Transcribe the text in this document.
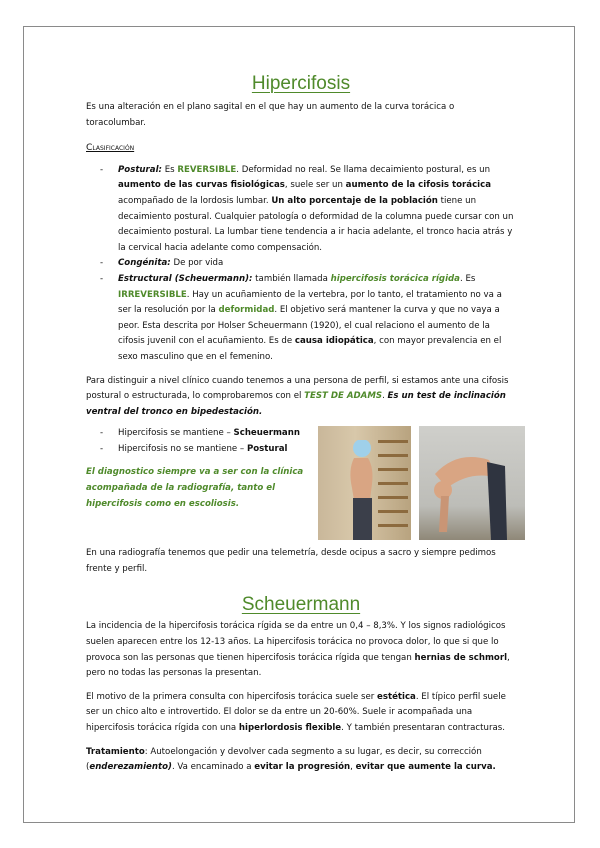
Hipercifosis

Es una alteración en el plano sagital en el que hay un aumento de la curva torácica o toracolumbar.

Clasificación

- Postural: Es REVERSIBLE. Deformidad no real. Se llama decaimiento postural, es un aumento de las curvas fisiológicas, suele ser un aumento de la cifosis torácica acompañado de la lordosis lumbar. Un alto porcentaje de la población tiene un decaimiento postural. Cualquier patología o deformidad de la columna puede cursar con un decaimiento postural. La lumbar tiene tendencia a ir hacia adelante, el tronco hacia atrás y la cervical hacia adelante como compensación.
- Congénita: De por vida
- Estructural (Scheuermann): también llamada hipercifosis torácica rígida. Es IRREVERSIBLE. Hay un acuñamiento de la vertebra, por lo tanto, el tratamiento no va a ser la resolución por la deformidad. El objetivo será mantener la curva y que no vaya a peor. Esta descrita por Holser Scheuermann (1920), el cual relaciono el aumento de la cifosis juvenil con el acuñamiento. Es de causa idiopática, con mayor prevalencia en el sexo masculino que en el femenino.

Para distinguir a nivel clínico cuando tenemos a una persona de perfil, si estamos ante una cifosis postural o estructurada, lo comprobaremos con el TEST DE ADAMS. Es un test de inclinación ventral del tronco en bipedestación.

- Hipercifosis se mantiene – Scheuermann
- Hipercifosis no se mantiene – Postural

El diagnostico siempre va a ser con la clínica acompañada de la radiografía, tanto el hipercifosis como en escoliosis.

En una radiografía tenemos que pedir una telemetría, desde ocipus a sacro y siempre pedimos frente y perfil.

Scheuermann

La incidencia de la hipercifosis torácica rígida se da entre un 0,4 – 8,3%. Y los signos radiológicos suelen aparecen entre los 12-13 años. La hipercifosis torácica no provoca dolor, lo que si que lo provoca son las personas que tienen hipercifosis torácica rígida que tengan hernias de schmorl, pero no todas las personas la presentan.

El motivo de la primera consulta con hipercifosis torácica suele ser estética. El típico perfil suele ser un chico alto e introvertido. El dolor se da entre un 20-60%. Suele ir acompañada una hipercifosis torácica rígida con una hiperlordosis flexible. Y también presentaran contracturas.

Tratamiento: Autoelongación y devolver cada segmento a su lugar, es decir, su corrección (enderezamiento). Va encaminado a evitar la progresión, evitar que aumente la curva.
